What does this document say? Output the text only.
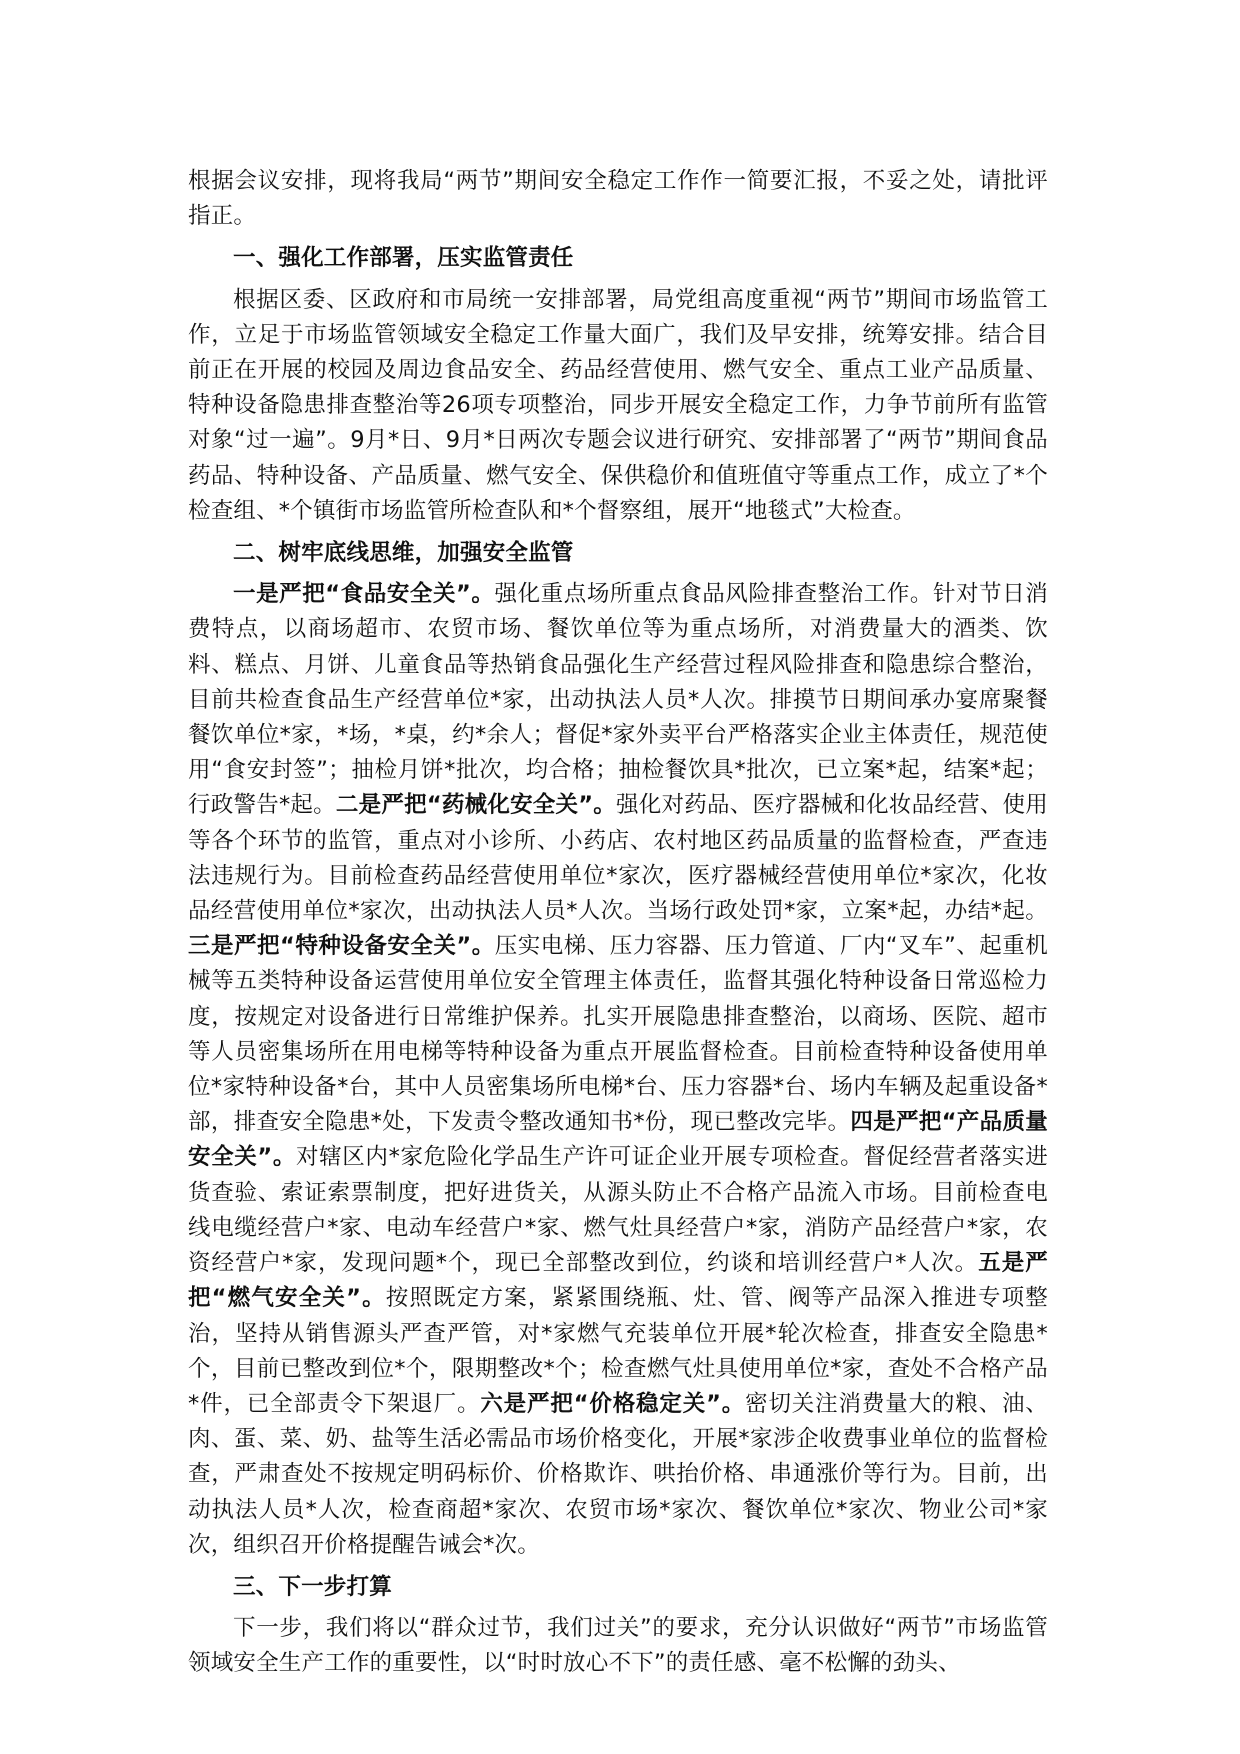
根据会议安排，现将我局“两节”期间安全稳定工作作一简要汇报，不妥之处，请批评指正。

一、强化工作部署，压实监管责任

根据区委、区政府和市局统一安排部署，局党组高度重视“两节”期间市场监管工作，立足于市场监管领域安全稳定工作量大面广，我们及早安排，统筹安排。结合目前正在开展的校园及周边食品安全、药品经营使用、燃气安全、重点工业产品质量、特种设备隐患排查整治等26项专项整治，同步开展安全稳定工作，力争节前所有监管对象“过一遍”。9月*日、9月*日两次专题会议进行研究、安排部署了“两节”期间食品药品、特种设备、产品质量、燃气安全、保供稳价和值班值守等重点工作，成立了*个检查组、*个镇街市场监管所检查队和*个督察组，展开“地毯式”大检查。

二、树牢底线思维，加强安全监管

一是严把“食品安全关”。强化重点场所重点食品风险排查整治工作。针对节日消费特点，以商场超市、农贸市场、餐饮单位等为重点场所，对消费量大的酒类、饮料、糕点、月饼、儿童食品等热销食品强化生产经营过程风险排查和隐患综合整治，目前共检查食品生产经营单位*家，出动执法人员*人次。排摸节日期间承办宴席聚餐餐饮单位*家，*场，*桌，约*余人；督促*家外卖平台严格落实企业主体责任，规范使用“食安封签”；抽检月饼*批次，均合格；抽检餐饮具*批次，已立案*起，结案*起；行政警告*起。二是严把“药械化安全关”。强化对药品、医疗器械和化妆品经营、使用等各个环节的监管，重点对小诊所、小药店、农村地区药品质量的监督检查，严查违法违规行为。目前检查药品经营使用单位*家次，医疗器械经营使用单位*家次，化妆品经营使用单位*家次，出动执法人员*人次。当场行政处罚*家，立案*起，办结*起。三是严把“特种设备安全关”。压实电梯、压力容器、压力管道、厂内“叉车”、起重机械等五类特种设备运营使用单位安全管理主体责任，监督其强化特种设备日常巡检力度，按规定对设备进行日常维护保养。扎实开展隐患排查整治，以商场、医院、超市等人员密集场所在用电梯等特种设备为重点开展监督检查。目前检查特种设备使用单位*家特种设备*台，其中人员密集场所电梯*台、压力容器*台、场内车辆及起重设备*部，排查安全隐患*处，下发责令整改通知书*份，现已整改完毕。四是严把“产品质量安全关”。对辖区内*家危险化学品生产许可证企业开展专项检查。督促经营者落实进货查验、索证索票制度，把好进货关，从源头防止不合格产品流入市场。目前检查电线电缆经营户*家、电动车经营户*家、燃气灶具经营户*家，消防产品经营户*家，农资经营户*家，发现问题*个，现已全部整改到位，约谈和培训经营户*人次。五是严把“燃气安全关”。按照既定方案，紧紧围绕瓶、灶、管、阀等产品深入推进专项整治，坚持从销售源头严查严管，对*家燃气充装单位开展*轮次检查，排查安全隐患*个，目前已整改到位*个，限期整改*个；检查燃气灶具使用单位*家，查处不合格产品*件，已全部责令下架退厂。六是严把“价格稳定关”。密切关注消费量大的粮、油、肉、蛋、菜、奶、盐等生活必需品市场价格变化，开展*家涉企收费事业单位的监督检查，严肃查处不按规定明码标价、价格欺诈、哄抬价格、串通涨价等行为。目前，出动执法人员*人次，检查商超*家次、农贸市场*家次、餐饮单位*家次、物业公司*家次，组织召开价格提醒告诫会*次。

三、下一步打算

下一步，我们将以“群众过节，我们过关”的要求，充分认识做好“两节”市场监管领域安全生产工作的重要性，以“时时放心不下”的责任感、毫不松懈的劲头、
